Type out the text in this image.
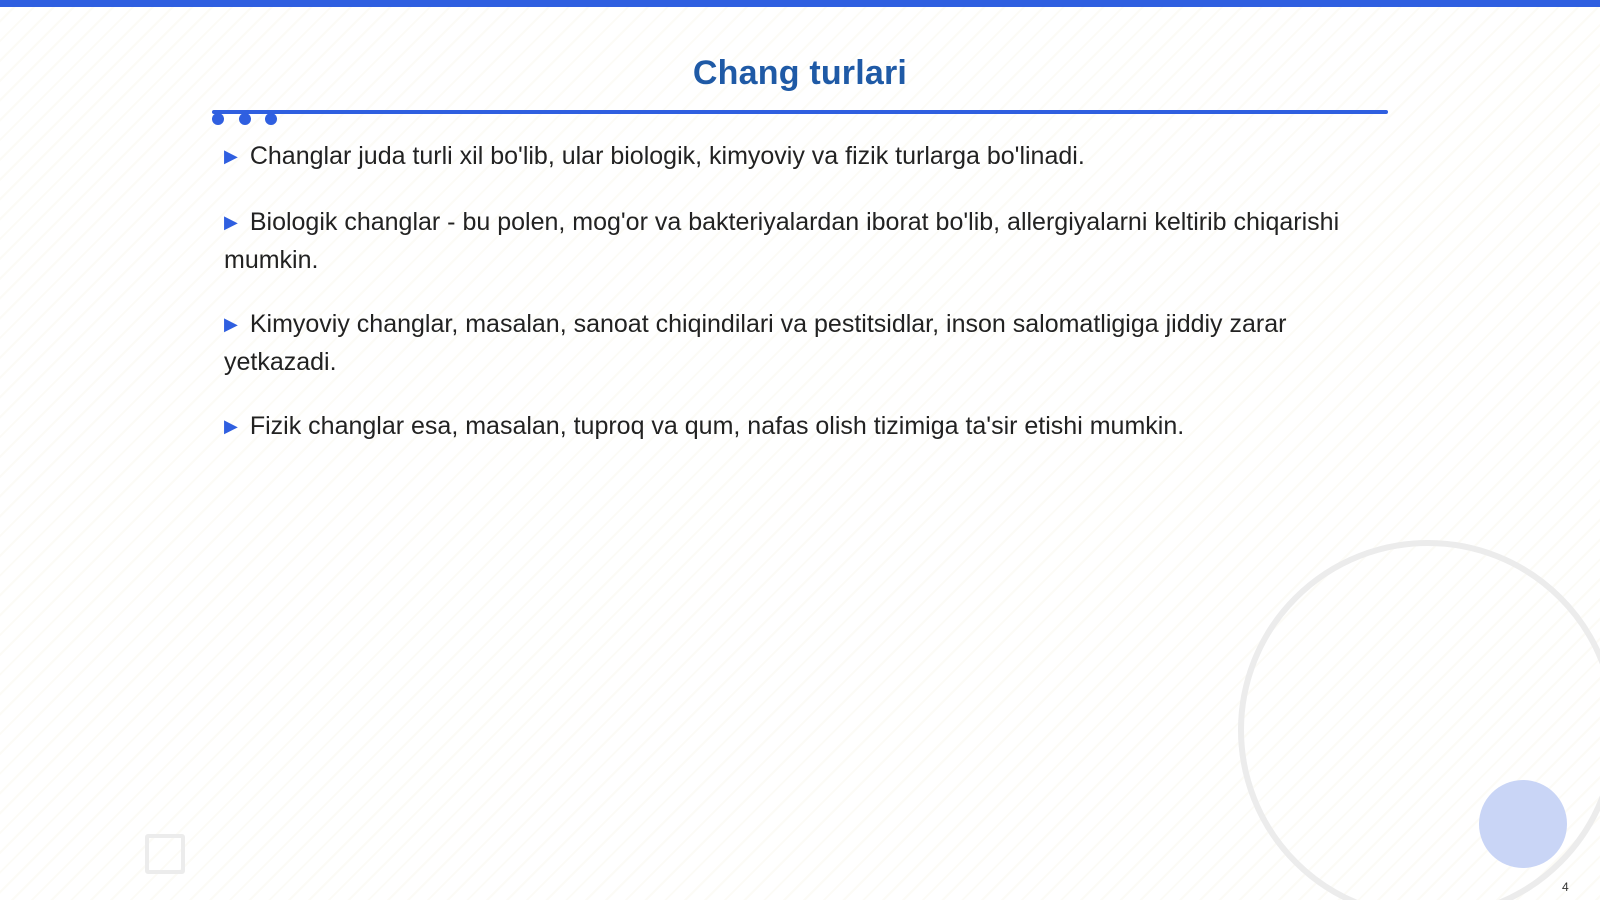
Chang turlari
▶ Changlar juda turli xil bo'lib, ular biologik, kimyoviy va fizik turlarga bo'linadi.
▶ Biologik changlar - bu polen, mog'or va bakteriyalardan iborat bo'lib, allergiyalarni keltirib chiqarishi mumkin.
▶ Kimyoviy changlar, masalan, sanoat chiqindilari va pestitsidlar, inson salomatligiga jiddiy zarar yetkazadi.
▶ Fizik changlar esa, masalan, tuproq va qum, nafas olish tizimiga ta'sir etishi mumkin.
4
